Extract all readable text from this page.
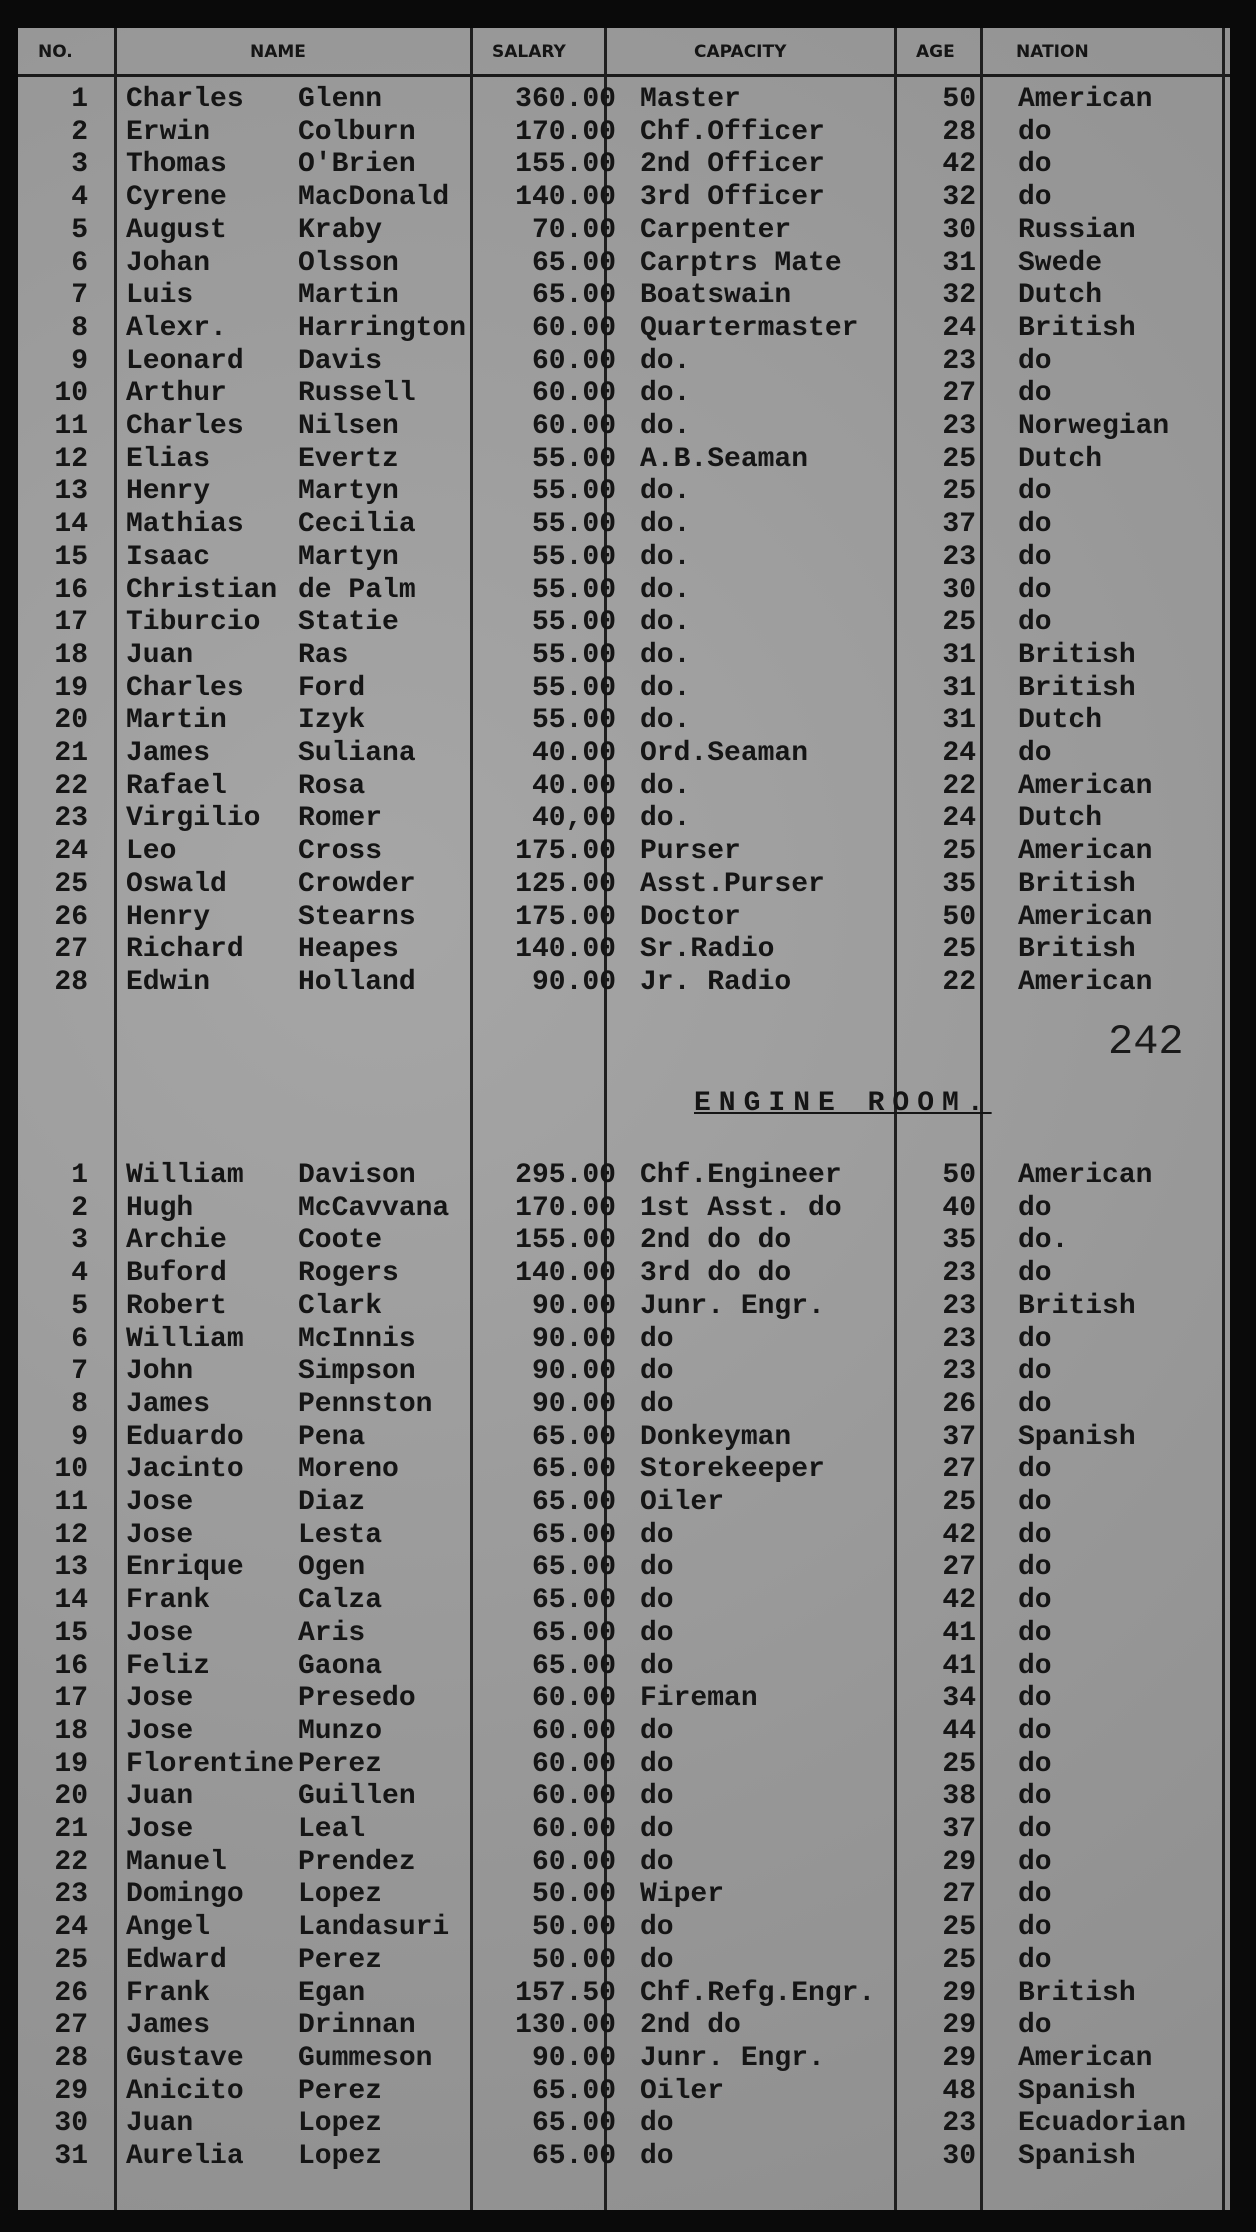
NO.	NAME	SALARY	CAPACITY	AGE	NATION
1 Charles Glenn	360.00 Master	50 American
2 Erwin	Colburn	170.00 Chf.Officer	28 do
3 Thomas	O'Brien	155.00 2nd Officer	42 do
4 Cyrene	MacDonald	140.00 3rd Officer	32 do
5 August	Kraby	70.00 Carpenter	30 Russian
6 Johan	Olsson	65.00 Carptrs Mate	31 Swede
7 Luis	Martin	65.00 Boatswain	32 Dutch
8 Alexr.	Harrington	60.00 Quartermaster	24 British
9 Leonard Davis	60.00 do.	23 do
10 Arthur	Russell	60.00 do.	27 do
11 Charles Nilsen	60.00 do.	23 Norwegian
12 Elias	Evertz	55.00 A.B.Seaman	25 Dutch
13 Henry	Martyn	55.00 do.	25 do
14 Mathias Cecilia	55.00 do.	37 do
15 Isaac	Martyn	55.00 do.	23 do
16 Christian de Palm	55.00 do.	30 do
17 Tiburcio Statie	55.00 do.	25 do
18 Juan	Ras	55.00 do.	31 British
19 Charles Ford	55.00 do.	31 British
20 Martin	Izyk	55.00 do.	31 Dutch
21 James	Suliana	40.00 Ord.Seaman	24 do
22 Rafael	Rosa	40.00 do.	22 American
23 Virgilio Romer	40,00 do.	24 Dutch
24 Leo	Cross	175.00 Purser	25 American
25 Oswald	Crowder	125.00 Asst.Purser	35 British
26 Henry	Stearns	175.00 Doctor	50 American
27 Richard Heapes	140.00 Sr.Radio	25 British
28 Edwin	Holland	90.00 Jr. Radio	22 American
242
ENGINE ROOM.
1 William Davison	295.00 Chf.Engineer	50 American
2 Hugh	McCavvana	170.00 1st Asst. do	40 do
3 Archie	Coote	155.00 2nd do do	35 do.
4 Buford	Rogers	140.00 3rd do do	23 do
5 Robert	Clark	90.00 Junr. Engr.	23 British
6 William McInnis	90.00 do	23 do
7 John	Simpson	90.00 do	23 do
8 James	Pennston	90.00 do	26 do
9 Eduardo Pena	65.00 Donkeyman	37 Spanish
10 Jacinto Moreno	65.00 Storekeeper	27 do
11 Jose	Diaz	65.00 Oiler	25 do
12 Jose	Lesta	65.00 do	42 do
13 Enrique Ogen	65.00 do	27 do
14 Frank	Calza	65.00 do	42 do
15 Jose	Aris	65.00 do	41 do
16 Feliz	Gaona	65.00 do	41 do
17 Jose	Presedo	60.00 Fireman	34 do
18 Jose	Munzo	60.00 do	44 do
19 Florentine Perez	60.00 do	25 do
20 Juan	Guillen	60.00 do	38 do
21 Jose	Leal	60.00 do	37 do
22 Manuel	Prendez	60.00 do	29 do
23 Domingo Lopez	50.00 Wiper	27 do
24 Angel	Landasuri	50.00 do	25 do
25 Edward	Perez	50.00 do	25 do
26 Frank	Egan	157.50 Chf.Refg.Engr.	29 British
27 James	Drinnan	130.00 2nd do	29 do
28 Gustave Gummeson	90.00 Junr. Engr.	29 American
29 Anicito Perez	65.00 Oiler	48 Spanish
30 Juan	Lopez	65.00 do	23 Ecuadorian
31 Aurelia Lopez	65.00 do	30 Spanish
